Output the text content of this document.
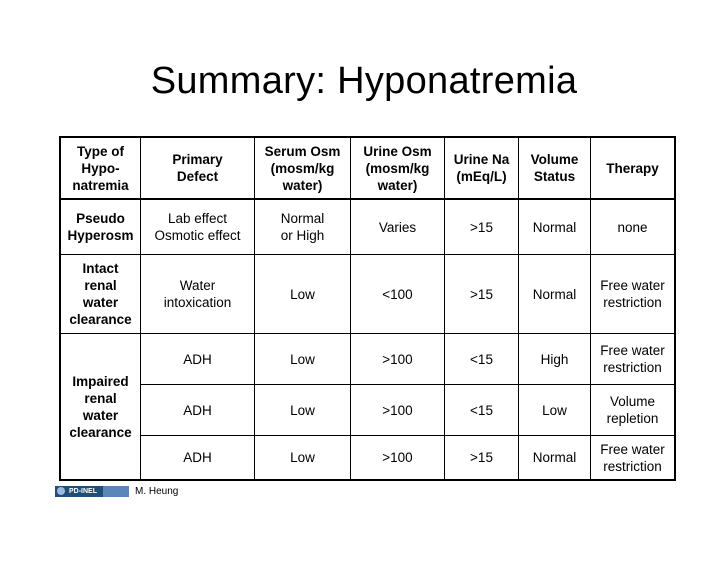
Summary: Hyponatremia
Type of
Hypo-
natremia	Primary
Defect	Serum Osm
(mosm/kg
water)	Urine Osm
(mosm/kg
water)	Urine Na
(mEq/L)	Volume
Status	Therapy
Pseudo
Hyperosm	Lab effect
Osmotic effect	Normal
or High	Varies	>15	Normal	none
Intact
renal
water
clearance	Water
intoxication	Low	<100	>15	Normal	Free water
restriction
Impaired
renal
water
clearance	ADH	Low	>100	<15	High	Free water
restriction
	ADH	Low	>100	<15	Low	Volume
repletion
	ADH	Low	>100	>15	Normal	Free water
restriction
PD-INEL	M. Heung
